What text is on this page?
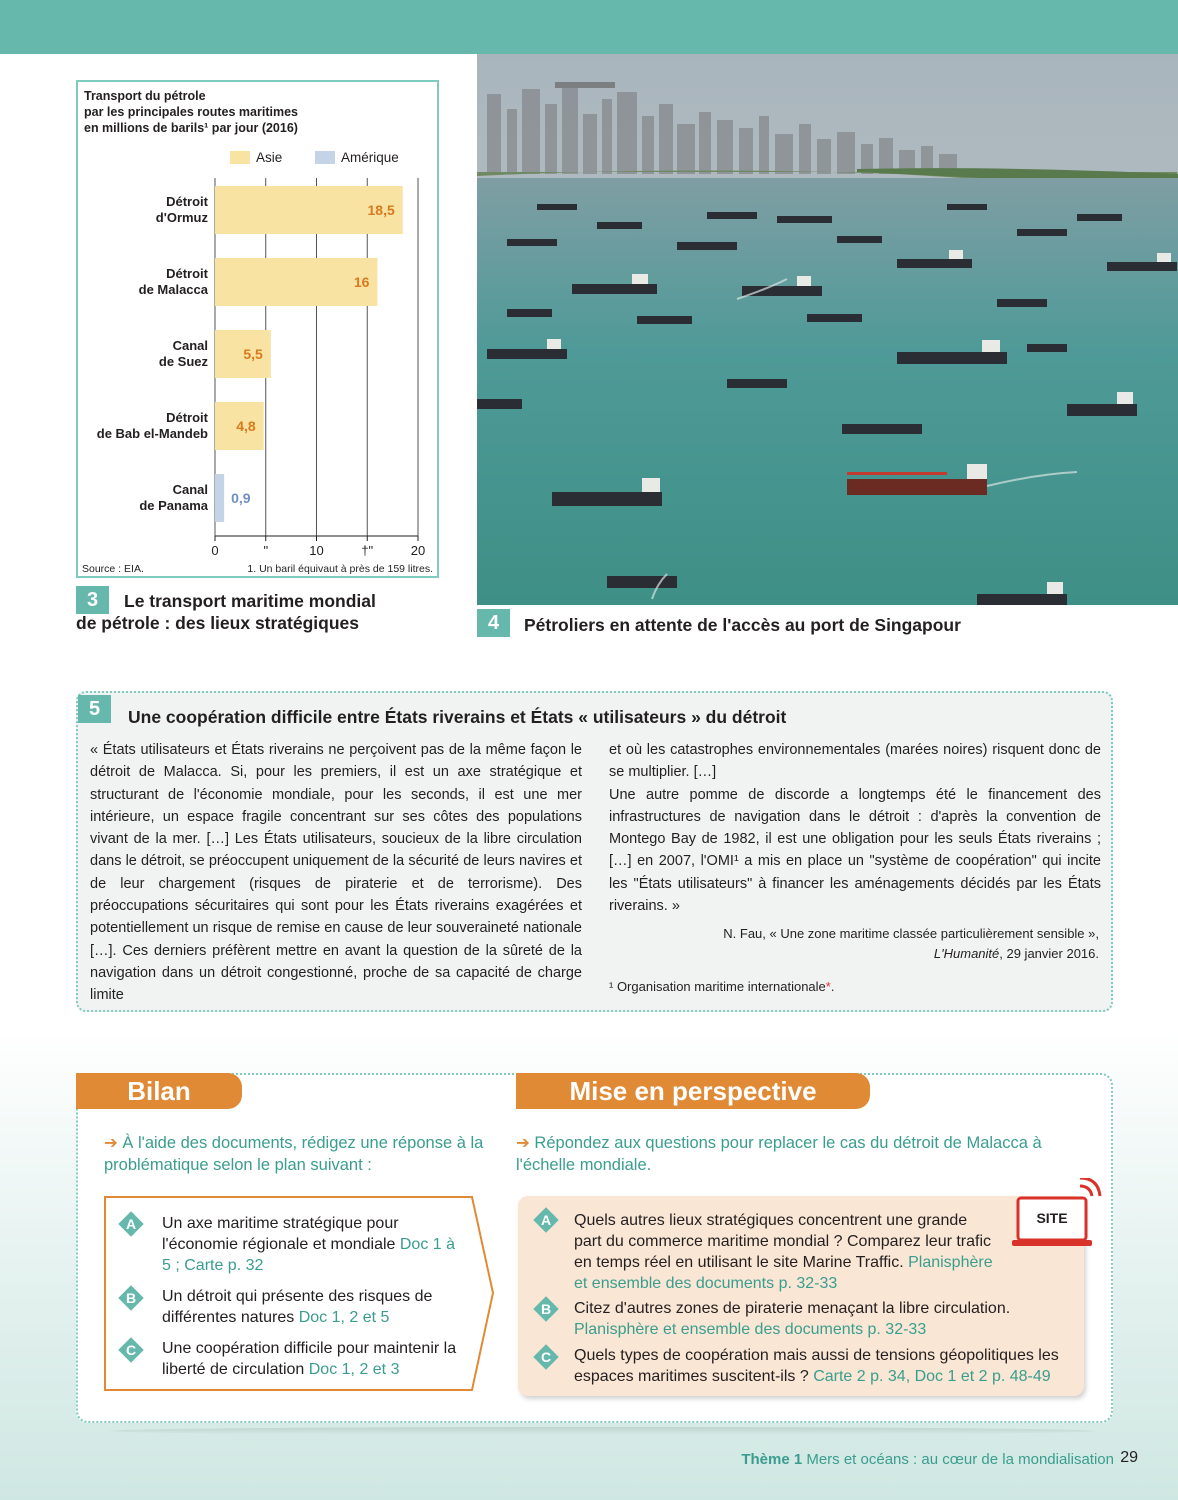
Transport du pétrole
par les principales routes maritimes
en millions de barils¹ par jour (2016)
Asie	Amérique
0	"	10	†"	20
18,5
Détroit
d'Ormuz
16
Détroit
de Malacca
5,5
Canal
de Suez
4,8
Détroit
de Bab el-Mandeb
0,9
Canal
de Panama
Source : EIA.	1. Un baril équivaut à près de 159 litres.
3	Le transport maritime mondial
de pétrole : des lieux stratégiques	4	Pétroliers en attente de l'accès au port de Singapour
5	Une coopération difficile entre États riverains et États « utilisateurs » du détroit
« États utilisateurs et États riverains ne perçoivent pas de la même façon le détroit de Malacca. Si, pour les premiers, il est un axe stratégique et structurant de l'économie mondiale, pour les seconds, il est une mer intérieure, un espace fragile concentrant sur ses côtes des populations vivant de la mer. […] Les États utilisateurs, soucieux de la libre circulation dans le détroit, se préoccupent uniquement de la sécurité de leurs navires et de leur chargement (risques de piraterie et de terrorisme). Des préoccupations sécuritaires qui sont pour les États riverains exagérées et potentiellement un risque de remise en cause de leur souveraineté nationale […]. Ces derniers préfèrent mettre en avant la question de la sûreté de la navigation dans un détroit congestionné, proche de sa capacité de charge limite
et où les catastrophes environnementales (marées noires) risquent donc de se multiplier. […]
Une autre pomme de discorde a longtemps été le financement des infrastructures de navigation dans le détroit : d'après la convention de Montego Bay de 1982, il est une obligation pour les seuls États riverains ; […] en 2007, l'OMI¹ a mis en place un "système de coopération" qui incite les "États utilisateurs" à financer les aménagements décidés par les États riverains. »
N. Fau, « Une zone maritime classée particulièrement sensible »,
L'Humanité, 29 janvier 2016.
¹ Organisation maritime internationale*.
Bilan	Mise en perspective
➔ À l'aide des documents, rédigez une réponse à la problématique selon le plan suivant :
➔ Répondez aux questions pour replacer le cas du détroit de Malacca à l'échelle mondiale.
A	Un axe maritime stratégique pour l'économie régionale et mondiale Doc 1 à 5 ; Carte p. 32
B	Un détroit qui présente des risques de différentes natures Doc 1, 2 et 5
C	Une coopération difficile pour maintenir la liberté de circulation Doc 1, 2 et 3
A	Quels autres lieux stratégiques concentrent une grande part du commerce maritime mondial ? Comparez leur trafic en temps réel en utilisant le site Marine Traffic. Planisphère et ensemble des documents p. 32-33
B	Citez d'autres zones de piraterie menaçant la libre circulation. Planisphère et ensemble des documents p. 32-33
C	Quels types de coopération mais aussi de tensions géopolitiques les espaces maritimes suscitent-ils ? Carte 2 p. 34, Doc 1 et 2 p. 48-49
SITE
Thème 1 Mers et océans : au cœur de la mondialisation 29
